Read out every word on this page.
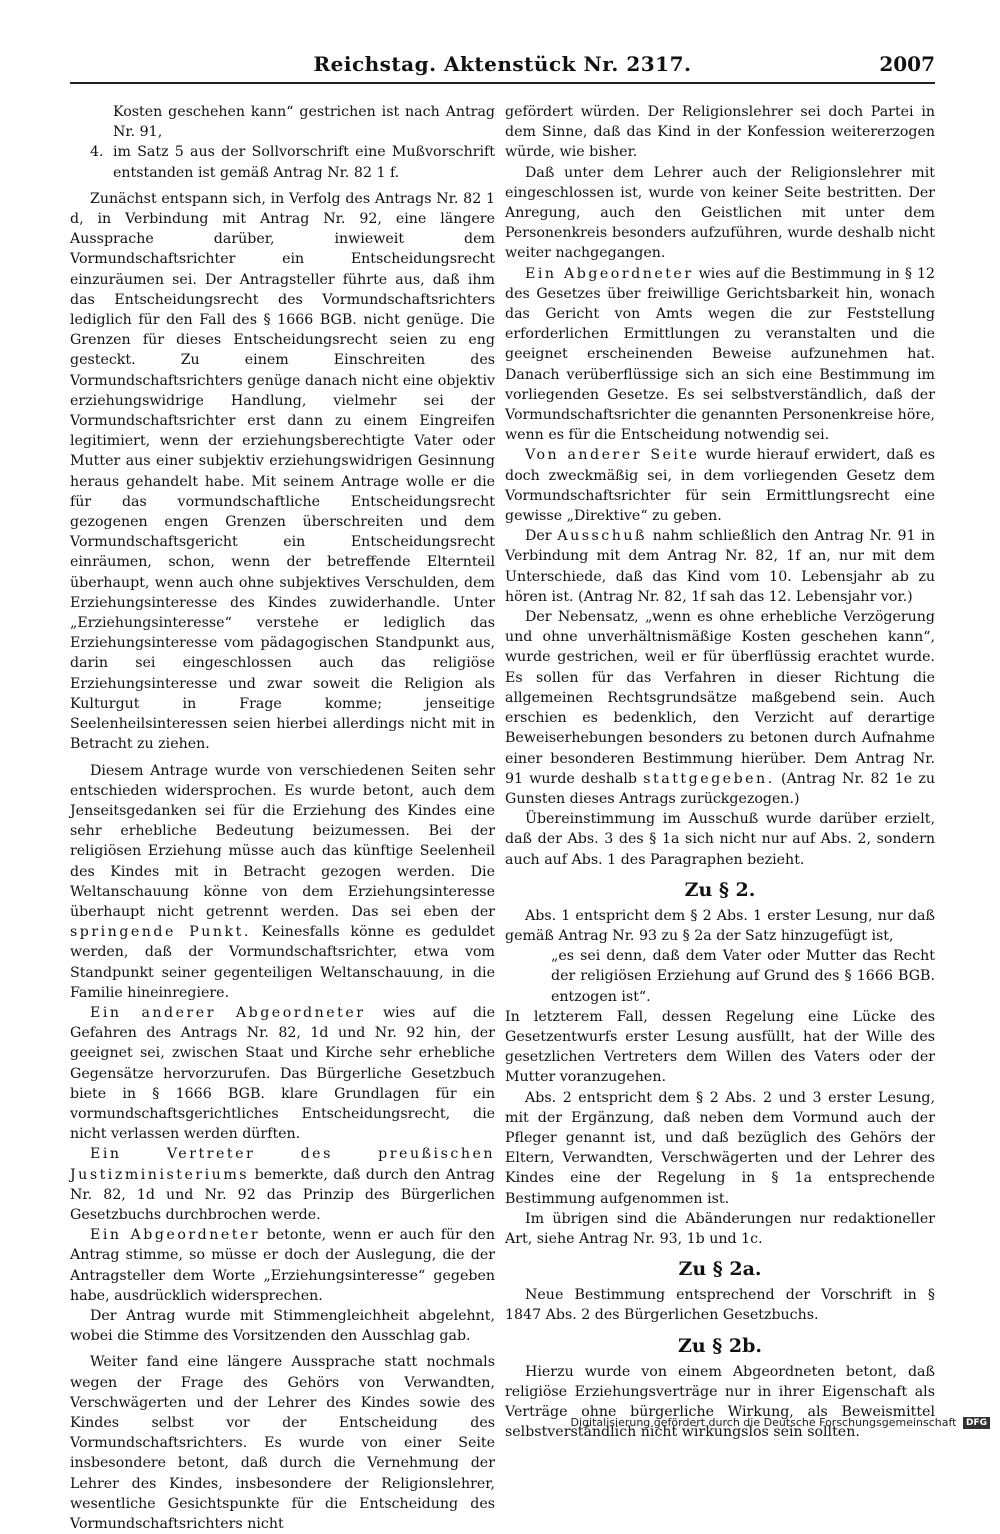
Reichstag. Aktenstück Nr. 2317.	2007

Kosten geschehen kann“ gestrichen ist nach Antrag Nr. 91,

4. im Satz 5 aus der Sollvorschrift eine Mußvorschrift entstanden ist gemäß Antrag Nr. 82 1 f.

Zunächst entspann sich, in Verfolg des Antrags Nr. 82 1 d, in Verbindung mit Antrag Nr. 92, eine längere Aussprache darüber, inwieweit dem Vormundschaftsrichter ein Entscheidungsrecht einzuräumen sei. Der Antragsteller führte aus, daß ihm das Entscheidungsrecht des Vormundschaftsrichters lediglich für den Fall des § 1666 BGB. nicht genüge. Die Grenzen für dieses Entscheidungsrecht seien zu eng gesteckt. Zu einem Einschreiten des Vormundschaftsrichters genüge danach nicht eine objektiv erziehungswidrige Handlung, vielmehr sei der Vormundschaftsrichter erst dann zu einem Eingreifen legitimiert, wenn der erziehungsberechtigte Vater oder Mutter aus einer subjektiv erziehungswidrigen Gesinnung heraus gehandelt habe. Mit seinem Antrage wolle er die für das vormundschaftliche Entscheidungsrecht gezogenen engen Grenzen überschreiten und dem Vormundschaftsgericht ein Entscheidungsrecht einräumen, schon, wenn der betreffende Elternteil überhaupt, wenn auch ohne subjektives Verschulden, dem Erziehungsinteresse des Kindes zuwiderhandle. Unter „Erziehungsinteresse“ verstehe er lediglich das Erziehungsinteresse vom pädagogischen Standpunkt aus, darin sei eingeschlossen auch das religiöse Erziehungsinteresse und zwar soweit die Religion als Kulturgut in Frage komme; jenseitige Seelenheilsinteressen seien hierbei allerdings nicht mit in Betracht zu ziehen.

Diesem Antrage wurde von verschiedenen Seiten sehr entschieden widersprochen. Es wurde betont, auch dem Jenseitsgedanken sei für die Erziehung des Kindes eine sehr erhebliche Bedeutung beizumessen. Bei der religiösen Erziehung müsse auch das künftige Seelenheil des Kindes mit in Betracht gezogen werden. Die Weltanschauung könne von dem Erziehungsinteresse überhaupt nicht getrennt werden. Das sei eben der springende Punkt. Keinesfalls könne es geduldet werden, daß der Vormundschaftsrichter, etwa vom Standpunkt seiner gegenteiligen Weltanschauung, in die Familie hineinregiere.

Ein anderer Abgeordneter wies auf die Gefahren des Antrags Nr. 82, 1d und Nr. 92 hin, der geeignet sei, zwischen Staat und Kirche sehr erhebliche Gegensätze hervorzurufen. Das Bürgerliche Gesetzbuch biete in § 1666 BGB. klare Grundlagen für ein vormundschaftsgerichtliches Entscheidungsrecht, die nicht verlassen werden dürften.

Ein Vertreter des preußischen Justizministeriums bemerkte, daß durch den Antrag Nr. 82, 1d und Nr. 92 das Prinzip des Bürgerlichen Gesetzbuchs durchbrochen werde.

Ein Abgeordneter betonte, wenn er auch für den Antrag stimme, so müsse er doch der Auslegung, die der Antragsteller dem Worte „Erziehungsinteresse“ gegeben habe, ausdrücklich widersprechen.

Der Antrag wurde mit Stimmengleichheit abgelehnt, wobei die Stimme des Vorsitzenden den Ausschlag gab.

Weiter fand eine längere Aussprache statt nochmals wegen der Frage des Gehörs von Verwandten, Verschwägerten und der Lehrer des Kindes sowie des Kindes selbst vor der Entscheidung des Vormundschaftsrichters. Es wurde von einer Seite insbesondere betont, daß durch die Vernehmung der Lehrer des Kindes, insbesondere der Religionslehrer, wesentliche Gesichtspunkte für die Entscheidung des Vormundschaftsrichters nicht

gefördert würden. Der Religionslehrer sei doch Partei in dem Sinne, daß das Kind in der Konfession weitererzogen würde, wie bisher.

Daß unter dem Lehrer auch der Religionslehrer mit eingeschlossen ist, wurde von keiner Seite bestritten. Der Anregung, auch den Geistlichen mit unter dem Personenkreis besonders aufzuführen, wurde deshalb nicht weiter nachgegangen.

Ein Abgeordneter wies auf die Bestimmung in § 12 des Gesetzes über freiwillige Gerichtsbarkeit hin, wonach das Gericht von Amts wegen die zur Feststellung erforderlichen Ermittlungen zu veranstalten und die geeignet erscheinenden Beweise aufzunehmen hat. Danach verüberflüssige sich an sich eine Bestimmung im vorliegenden Gesetze. Es sei selbstverständlich, daß der Vormundschaftsrichter die genannten Personenkreise höre, wenn es für die Entscheidung notwendig sei.

Von anderer Seite wurde hierauf erwidert, daß es doch zweckmäßig sei, in dem vorliegenden Gesetz dem Vormundschaftsrichter für sein Ermittlungsrecht eine gewisse „Direktive“ zu geben.

Der Ausschuß nahm schließlich den Antrag Nr. 91 in Verbindung mit dem Antrag Nr. 82, 1f an, nur mit dem Unterschiede, daß das Kind vom 10. Lebensjahr ab zu hören ist. (Antrag Nr. 82, 1f sah das 12. Lebensjahr vor.)

Der Nebensatz, „wenn es ohne erhebliche Verzögerung und ohne unverhältnismäßige Kosten geschehen kann“, wurde gestrichen, weil er für überflüssig erachtet wurde. Es sollen für das Verfahren in dieser Richtung die allgemeinen Rechtsgrundsätze maßgebend sein. Auch erschien es bedenklich, den Verzicht auf derartige Beweiserhebungen besonders zu betonen durch Aufnahme einer besonderen Bestimmung hierüber. Dem Antrag Nr. 91 wurde deshalb stattgegeben. (Antrag Nr. 82 1e zu Gunsten dieses Antrags zurückgezogen.)

Übereinstimmung im Ausschuß wurde darüber erzielt, daß der Abs. 3 des § 1a sich nicht nur auf Abs. 2, sondern auch auf Abs. 1 des Paragraphen bezieht.

Zu § 2.

Abs. 1 entspricht dem § 2 Abs. 1 erster Lesung, nur daß gemäß Antrag Nr. 93 zu § 2a der Satz hinzugefügt ist,

„es sei denn, daß dem Vater oder Mutter das Recht der religiösen Erziehung auf Grund des § 1666 BGB. entzogen ist“.

In letzterem Fall, dessen Regelung eine Lücke des Gesetzentwurfs erster Lesung ausfüllt, hat der Wille des gesetzlichen Vertreters dem Willen des Vaters oder der Mutter voranzugehen.

Abs. 2 entspricht dem § 2 Abs. 2 und 3 erster Lesung, mit der Ergänzung, daß neben dem Vormund auch der Pfleger genannt ist, und daß bezüglich des Gehörs der Eltern, Verwandten, Verschwägerten und der Lehrer des Kindes eine der Regelung in § 1a entsprechende Bestimmung aufgenommen ist.

Im übrigen sind die Abänderungen nur redaktioneller Art, siehe Antrag Nr. 93, 1b und 1c.

Zu § 2a.

Neue Bestimmung entsprechend der Vorschrift in § 1847 Abs. 2 des Bürgerlichen Gesetzbuchs.

Zu § 2b.

Hierzu wurde von einem Abgeordneten betont, daß religiöse Erziehungsverträge nur in ihrer Eigenschaft als Verträge ohne bürgerliche Wirkung, als Beweismittel selbstverständlich nicht wirkungslos sein sollten.

Digitalisierung gefördert durch die Deutsche Forschungsgemeinschaft DFG
